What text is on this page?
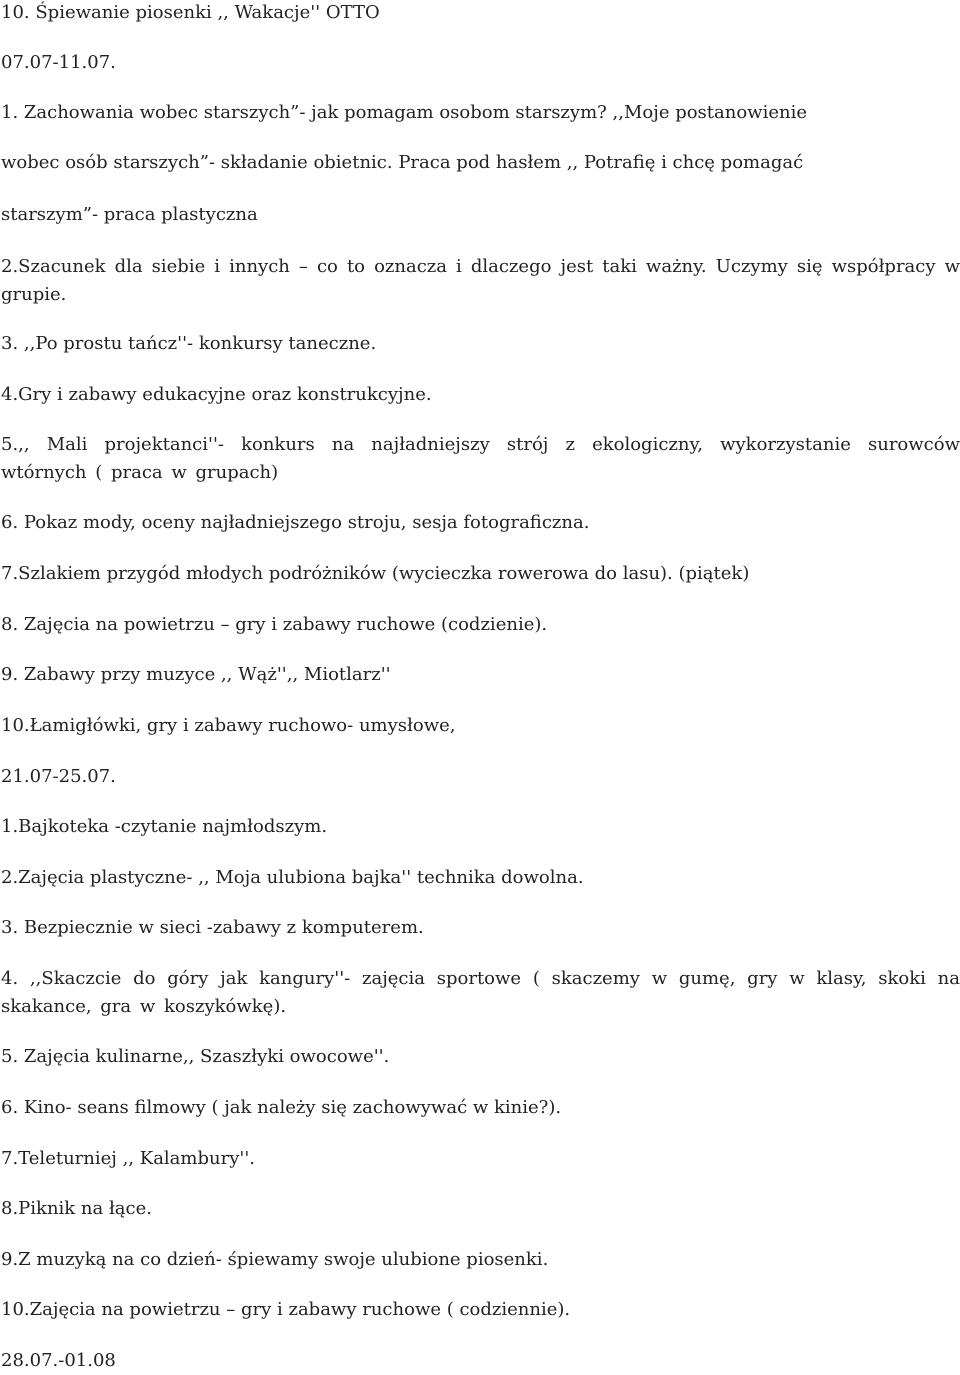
10. Śpiewanie piosenki ,, Wakacje'' OTTO

07.07-11.07.

1. Zachowania wobec starszych”- jak pomagam osobom starszym? ,,Moje postanowienie

wobec osób starszych”- składanie obietnic. Praca pod hasłem ,, Potrafię i chcę pomagać

starszym”- praca plastyczna

2.Szacunek dla siebie i innych – co to oznacza i dlaczego jest taki ważny. Uczymy się współpracy w grupie.

3. ,,Po prostu tańcz''- konkursy taneczne.

4.Gry i zabawy edukacyjne oraz konstrukcyjne.

5.,, Mali projektanci''- konkurs na najładniejszy strój z ekologiczny, wykorzystanie surowców wtórnych ( praca w grupach)

6. Pokaz mody, oceny najładniejszego stroju, sesja fotograficzna.

7.Szlakiem przygód młodych podróżników (wycieczka rowerowa do lasu). (piątek)

8. Zajęcia na powietrzu – gry i zabawy ruchowe (codzienie).

9. Zabawy przy muzyce ,, Wąż'',, Miotlarz''

10.Łamigłówki, gry i zabawy ruchowo- umysłowe,

21.07-25.07.

1.Bajkoteka -czytanie najmłodszym.

2.Zajęcia plastyczne- ,, Moja ulubiona bajka'' technika dowolna.

3. Bezpiecznie w sieci -zabawy z komputerem.

4. ,,Skaczcie do góry jak kangury''- zajęcia sportowe ( skaczemy w gumę, gry w klasy, skoki na skakance, gra w koszykówkę).

5. Zajęcia kulinarne,, Szaszłyki owocowe''.

6. Kino- seans filmowy ( jak należy się zachowywać w kinie?).

7.Teleturniej ,, Kalambury''.

8.Piknik na łące.

9.Z muzyką na co dzień- śpiewamy swoje ulubione piosenki.

10.Zajęcia na powietrzu – gry i zabawy ruchowe ( codziennie).

28.07.-01.08
